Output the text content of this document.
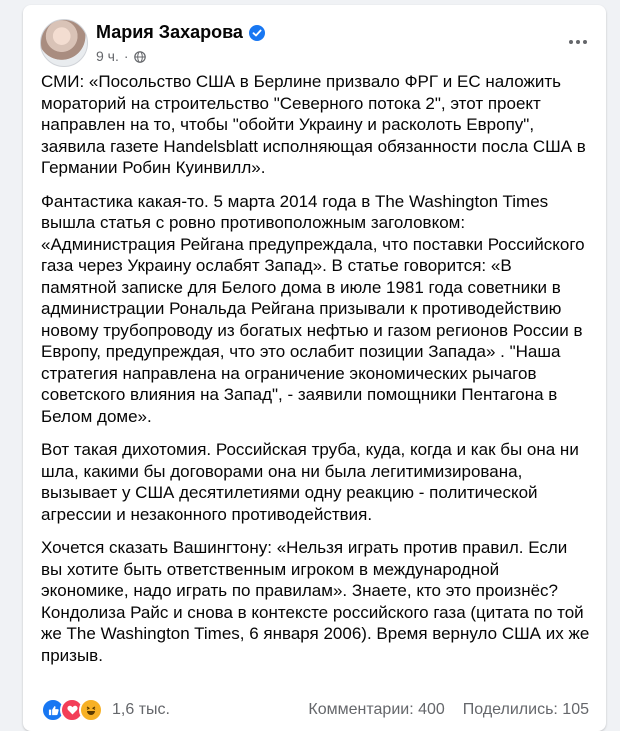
Мария Захарова
9 ч. ·

СМИ: «Посольство США в Берлине призвало ФРГ и ЕС наложить мораторий на строительство "Северного потока 2", этот проект направлен на то, чтобы "обойти Украину и расколоть Европу", заявила газете Handelsblatt исполняющая обязанности посла США в Германии Робин Куинвилл».

Фантастика какая-то. 5 марта 2014 года в The Washington Times вышла статья с ровно противоположным заголовком: «Администрация Рейгана предупреждала, что поставки Российского газа через Украину ослабят Запад». В статье говорится: «В памятной записке для Белого дома в июле 1981 года советники в администрации Рональда Рейгана призывали к противодействию новому трубопроводу из богатых нефтью и газом регионов России в Европу, предупреждая, что это ослабит позиции Запада» . "Наша стратегия направлена на ограничение экономических рычагов советского влияния на Запад", - заявили помощники Пентагона в Белом доме».

Вот такая дихотомия. Российская труба, куда, когда и как бы она ни шла, какими бы договорами она ни была легитимизирована, вызывает у США десятилетиями одну реакцию - политической агрессии и незаконного противодействия.

Хочется сказать Вашингтону: «Нельзя играть против правил. Если вы хотите быть ответственным игроком в международной экономике, надо играть по правилам». Знаете, кто это произнёс? Кондолиза Райс и снова в контексте российского газа (цитата по той же The Washington Times, 6 января 2006). Время вернуло США их же призыв.

1,6 тыс.	Комментарии: 400 Поделились: 105
